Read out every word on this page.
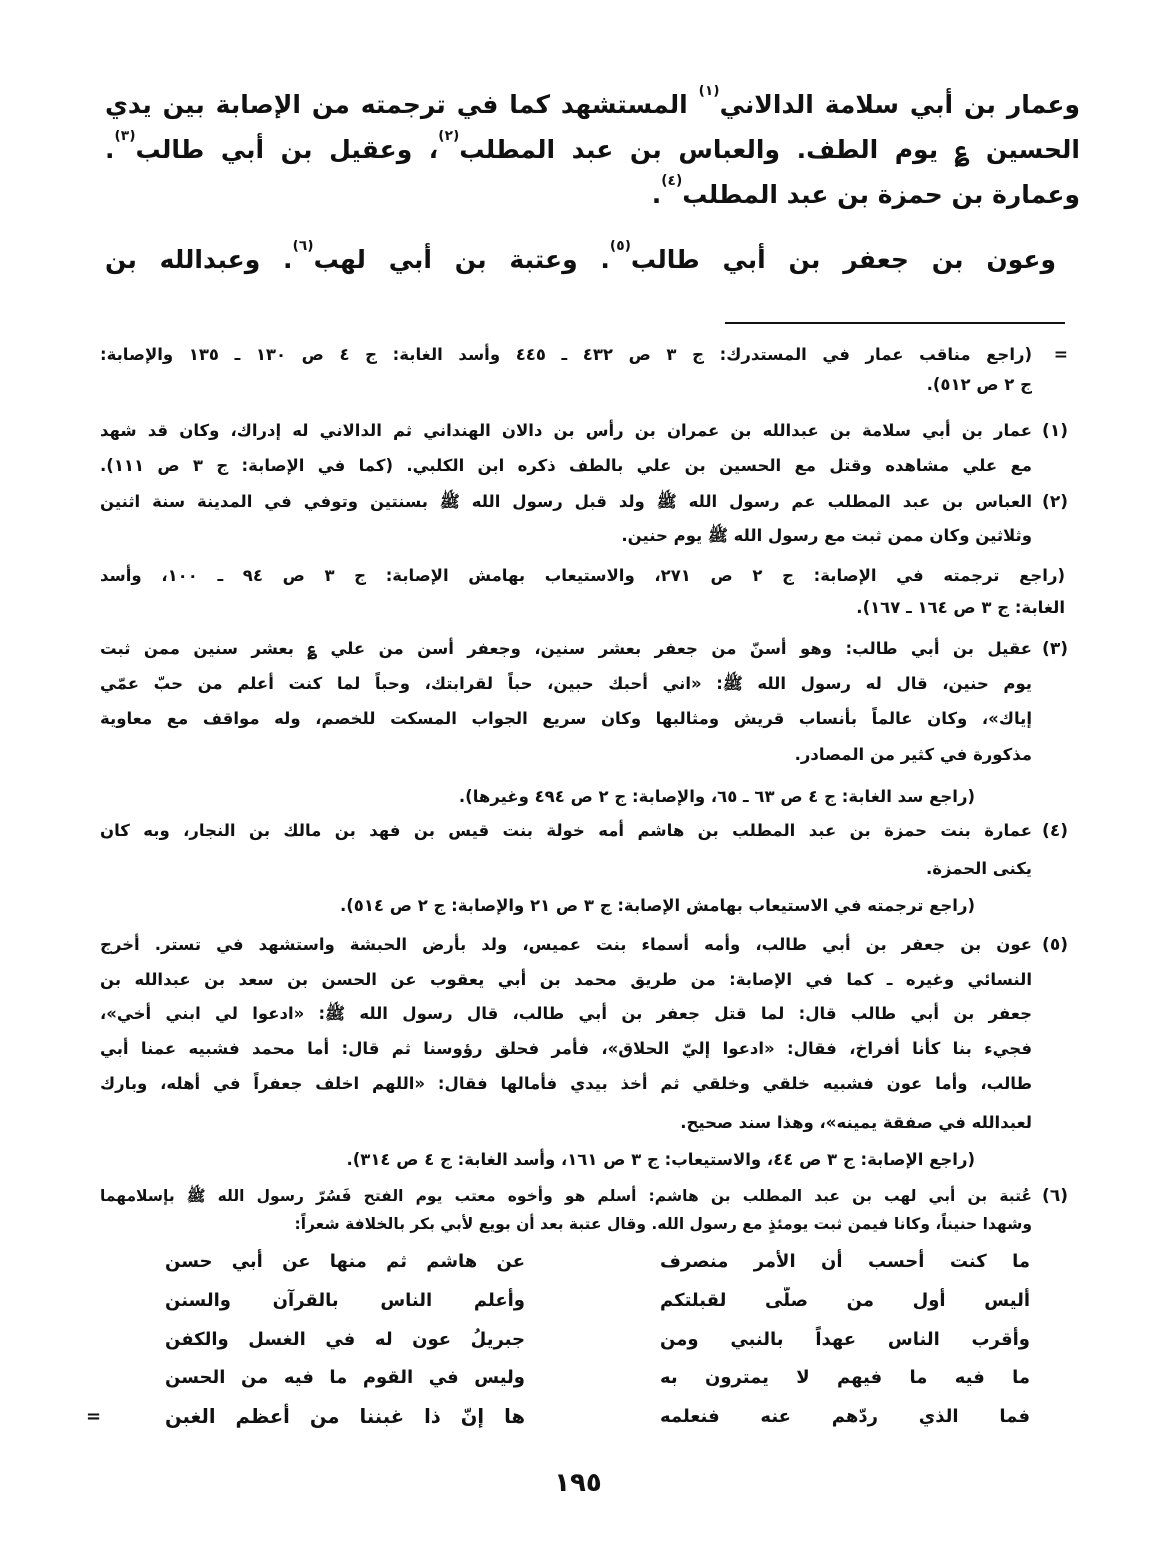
وعمار بن أبي سلامة الدالاني$^{(١)}$ المستشهد كما في ترجمته من الإصابة بين يدي
الحسين ؏ يوم الطف. والعباس بن عبد المطلب$^{(٢)}$، وعقيل بن أبي طالب$^{(٣)}$.
وعمارة بن حمزة بن عبد المطلب$^{(٤)}$.
وعون بن جعفر بن أبي طالب$^{(٥)}$. وعتبة بن أبي لهب$^{(٦)}$. وعبدالله بن
=
(راجع مناقب عمار في المستدرك: ج ٣ ص ٤٣٢ ـ ٤٤٥ وأسد الغابة: ج ٤ ص ١٣٠ ـ ١٣٥ والإصابة:
ج ٢ ص ٥١٢).
(١)
عمار بن أبي سلامة بن عبدالله بن عمران بن رأس بن دالان الهنداني ثم الدالاني له إدراك، وكان قد شهد
مع علي مشاهده وقتل مع الحسين بن علي بالطف ذكره ابن الكلبي. (كما في الإصابة: ج ٣ ص ١١١).
(٢)
العباس بن عبد المطلب عم رسول الله ﷺ ولد قبل رسول الله ﷺ بسنتين وتوفي في المدينة سنة اثنين
وثلاثين وكان ممن ثبت مع رسول الله ﷺ يوم حنين.
(راجع ترجمته في الإصابة: ج ٢ ص ٢٧١، والاستيعاب بهامش الإصابة: ج ٣ ص ٩٤ ـ ١٠٠، وأسد
الغابة: ج ٣ ص ١٦٤ ـ ١٦٧).
(٣)
عقيل بن أبي طالب: وهو أسنّ من جعفر بعشر سنين، وجعفر أسن من علي ؏ بعشر سنين ممن ثبت
يوم حنين، قال له رسول الله ﷺ: «اني أحبك حبين، حباً لقرابتك، وحباً لما كنت أعلم من حبّ عمّي
إياك»، وكان عالماً بأنساب قريش ومثالبها وكان سريع الجواب المسكت للخصم، وله مواقف مع معاوية
مذكورة في كثير من المصادر.
(راجع سد الغابة: ج ٤ ص ٦٣ ـ ٦٥، والإصابة: ج ٢ ص ٤٩٤ وغيرها).
(٤)
عمارة بنت حمزة بن عبد المطلب بن هاشم أمه خولة بنت قيس بن فهد بن مالك بن النجار، وبه كان
يكنى الحمزة.
(راجع ترجمته في الاستيعاب بهامش الإصابة: ج ٣ ص ٢١ والإصابة: ج ٢ ص ٥١٤).
(٥)
عون بن جعفر بن أبي طالب، وأمه أسماء بنت عميس، ولد بأرض الحبشة واستشهد في تستر. أخرج
النسائي وغيره ـ كما في الإصابة: من طريق محمد بن أبي يعقوب عن الحسن بن سعد بن عبدالله بن
جعفر بن أبي طالب قال: لما قتل جعفر بن أبي طالب، قال رسول الله ﷺ: «ادعوا لي ابني أخي»،
فجيء بنا كأنا أفراخ، فقال: «ادعوا إليّ الحلاق»، فأمر فحلق رؤوسنا ثم قال: أما محمد فشبيه عمنا أبي
طالب، وأما عون فشبيه خلقي وخلقي ثم أخذ بيدي فأمالها فقال: «اللهم اخلف جعفراً في أهله، وبارك
لعبدالله في صفقة يمينه»، وهذا سند صحيح.
(راجع الإصابة: ج ٣ ص ٤٤، والاستيعاب: ج ٣ ص ١٦١، وأسد الغابة: ج ٤ ص ٣١٤).
(٦)
عُتبة بن أبي لهب بن عبد المطلب بن هاشم: أسلم هو وأخوه معتب يوم الفتح فَسُرّ رسول الله ﷺ بإسلامهما
وشهدا حنيناً، وكانا فيمن ثبت يومئذٍ مع رسول الله. وقال عتبة بعد أن بويع لأبي بكر بالخلافة شعراً:
ما كنت أحسب أن الأمر منصرف
عن هاشم ثم منها عن أبي حسن
أليس أول من صلّى لقبلتكم
وأعلم الناس بالقرآن والسنن
وأقرب الناس عهداً بالنبي ومن
جبريلُ عون له في الغسل والكفن
ما فيه ما فيهم لا يمترون به
وليس في القوم ما فيه من الحسن
فما الذي ردّهم عنه فنعلمه
ها إنّ ذا غبننا من أعظم الغبن
=
١٩٥
